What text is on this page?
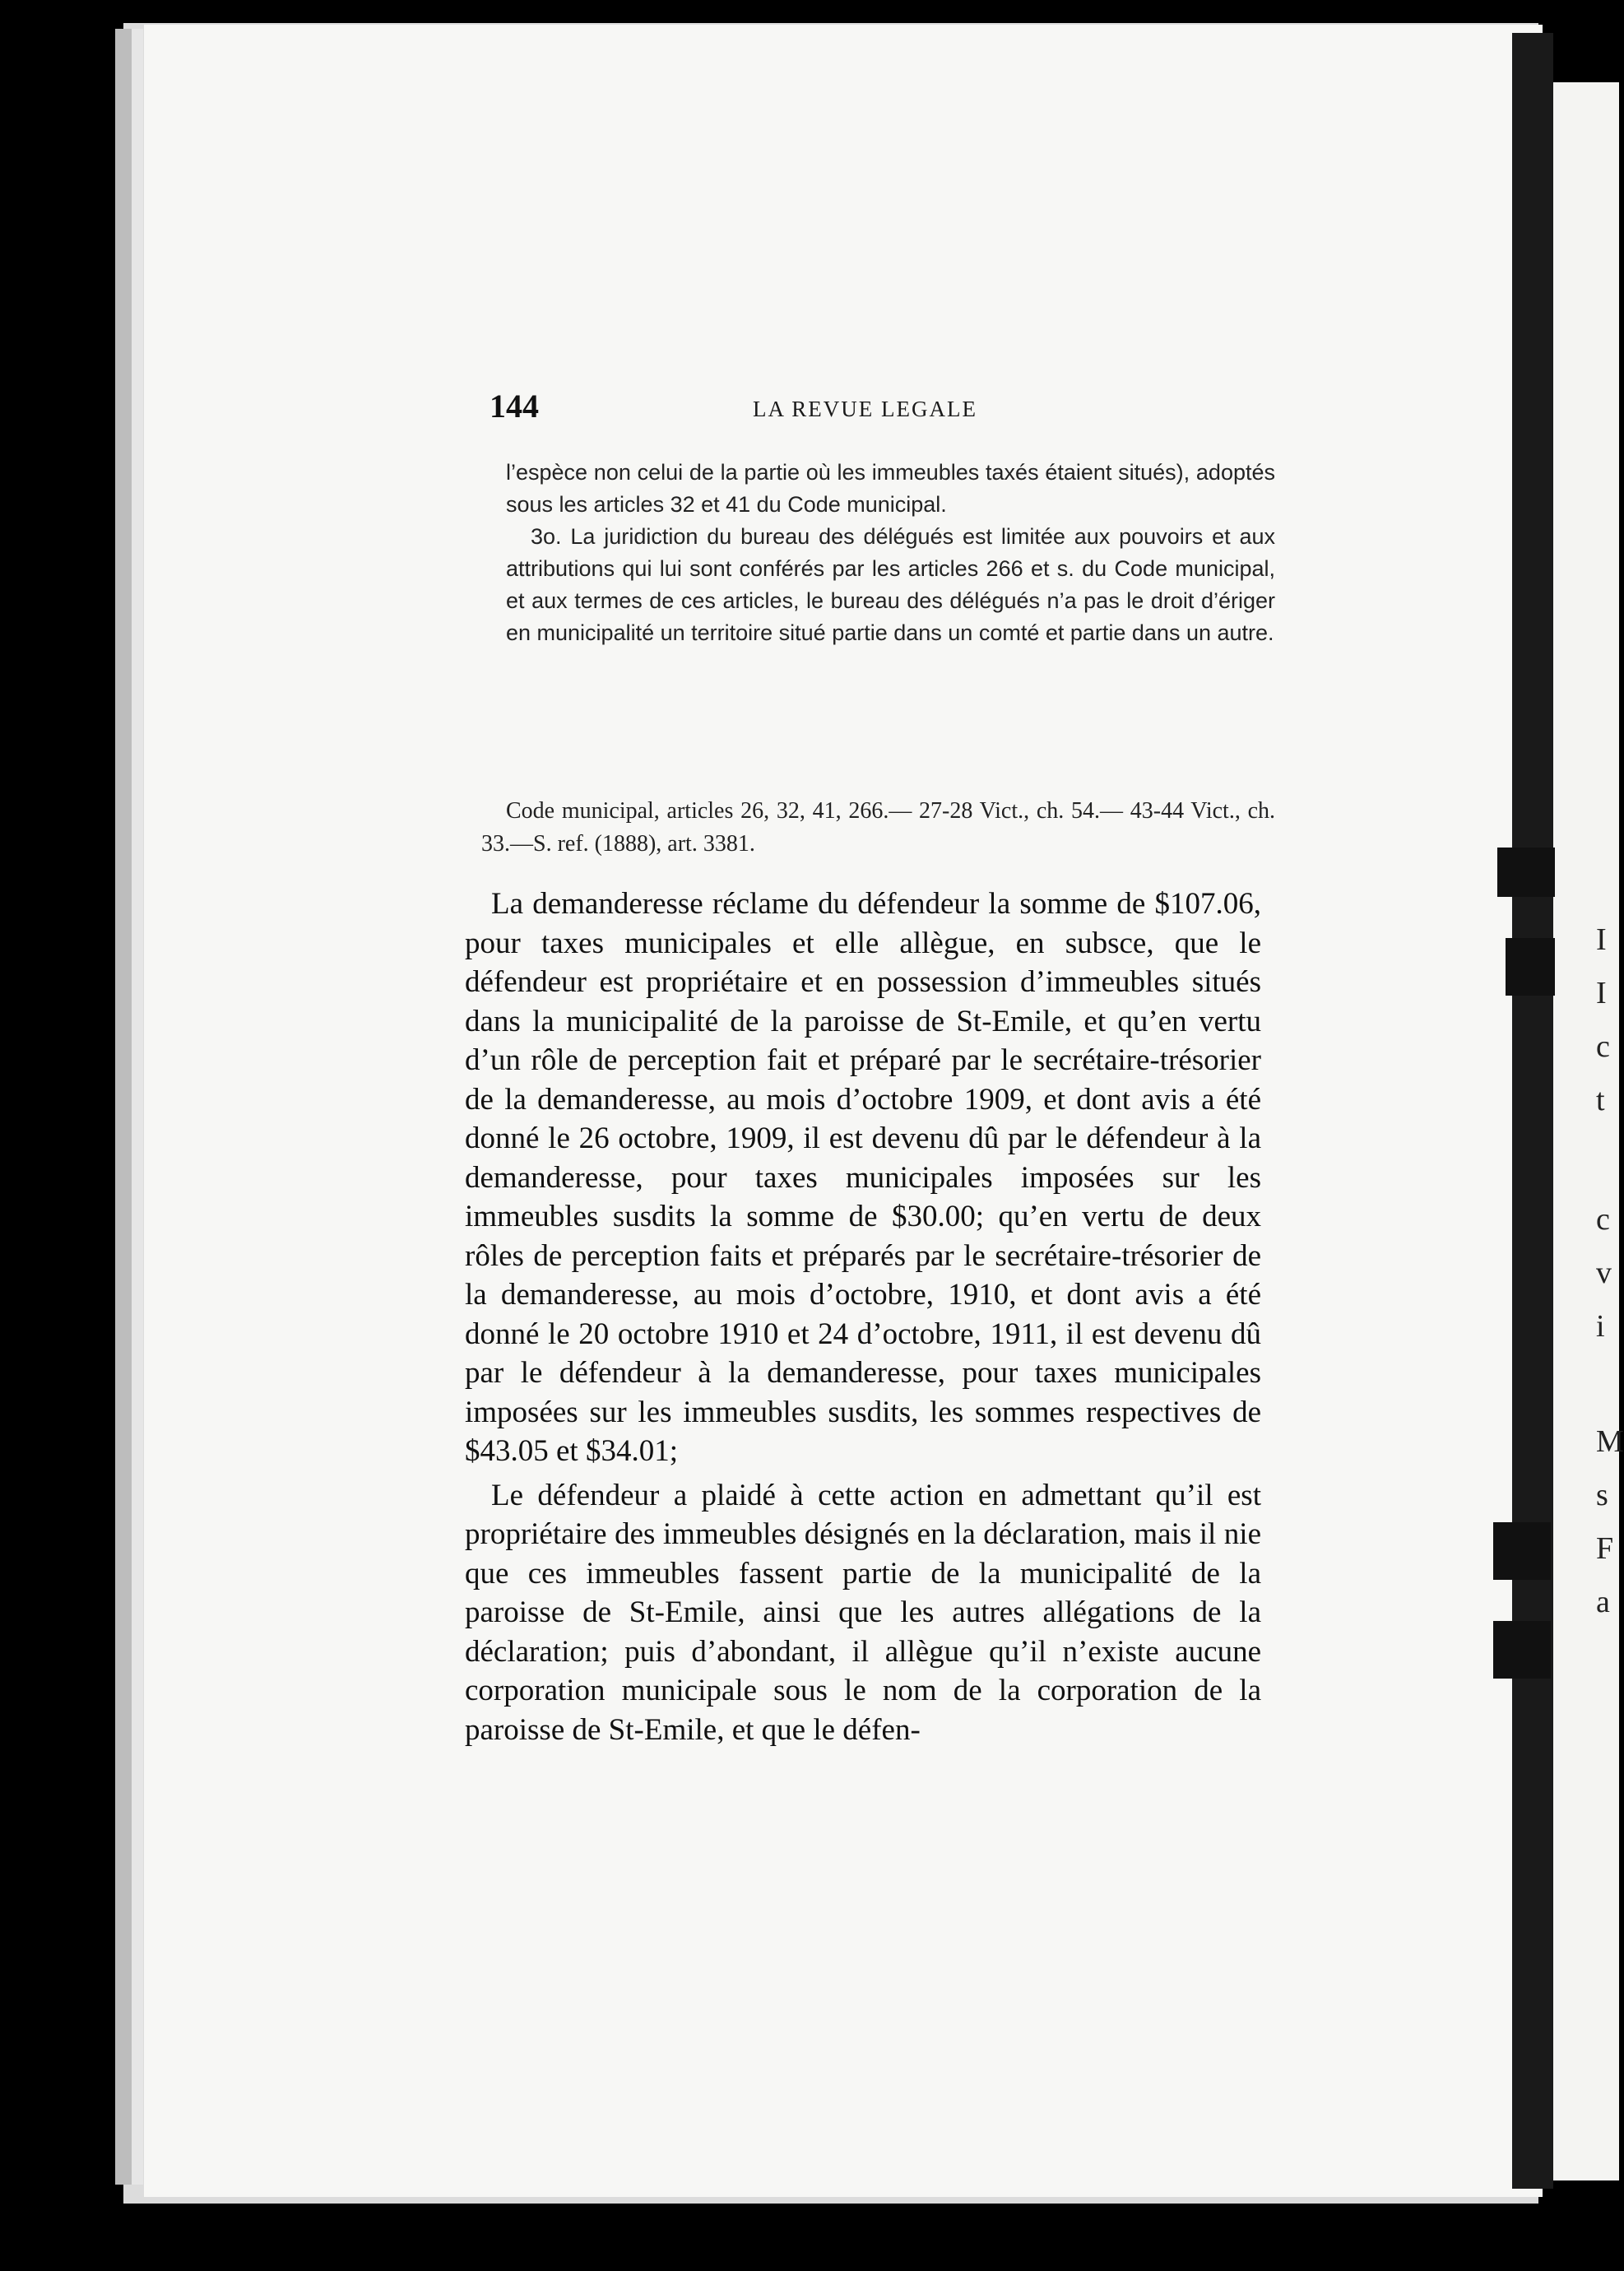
I
I
c
t
c
v
i
M
s
F
a
144	LA REVUE LEGALE

l’espèce non celui de la partie où les immeubles taxés étaient situés), adoptés sous les articles 32 et 41 du Code municipal.

3o. La juridiction du bureau des délégués est limitée aux pouvoirs et aux attributions qui lui sont conférés par les articles 266 et s. du Code municipal, et aux termes de ces articles, le bureau des délégués n’a pas le droit d’ériger en municipalité un territoire situé partie dans un comté et partie dans un autre.

Code municipal, articles 26, 32, 41, 266.— 27-28 Vict., ch. 54.— 43-44 Vict., ch. 33.—S. ref. (1888), art. 3381.

La demanderesse réclame du défendeur la somme de $107.06, pour taxes municipales et elle allègue, en subsce, que le défendeur est propriétaire et en possession d’immeubles situés dans la municipalité de la paroisse de St-Emile, et qu’en vertu d’un rôle de perception fait et préparé par le secrétaire-trésorier de la demanderesse, au mois d’octobre 1909, et dont avis a été donné le 26 octobre, 1909, il est devenu dû par le défendeur à la demanderesse, pour taxes municipales imposées sur les immeubles susdits la somme de $30.00; qu’en vertu de deux rôles de perception faits et préparés par le secrétaire-trésorier de la demanderesse, au mois d’octobre, 1910, et dont avis a été donné le 20 octobre 1910 et 24 d’octobre, 1911, il est devenu dû par le défendeur à la demanderesse, pour taxes municipales imposées sur les immeubles susdits, les sommes respectives de $43.05 et $34.01;

Le défendeur a plaidé à cette action en admettant qu’il est propriétaire des immeubles désignés en la déclaration, mais il nie que ces immeubles fassent partie de la municipalité de la paroisse de St-Emile, ainsi que les autres allégations de la déclaration; puis d’abondant, il allègue qu’il n’existe aucune corporation municipale sous le nom de la corporation de la paroisse de St-Emile, et que le défen-
